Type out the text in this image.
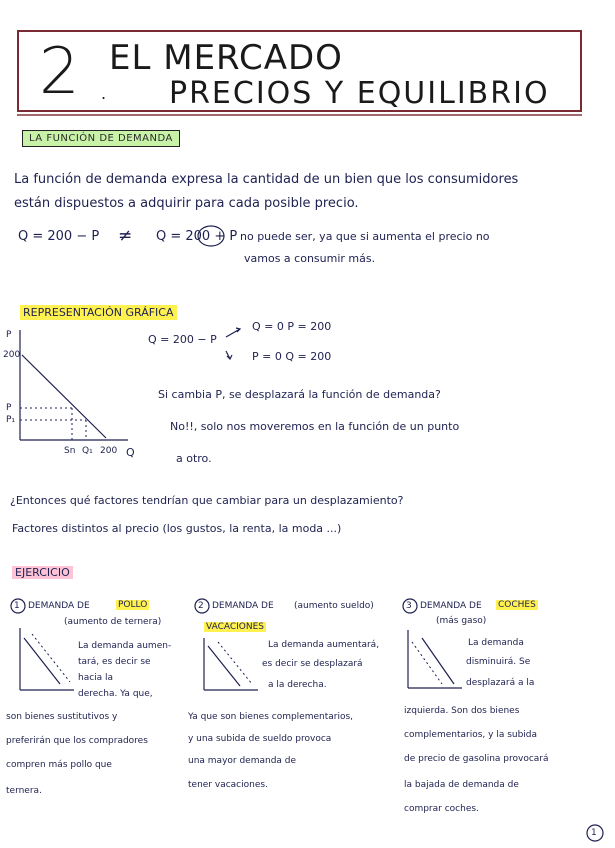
2 .
EL MERCADO
PRECIOS Y EQUILIBRIO
LA FUNCIÓN DE DEMANDA
La función de demanda expresa la cantidad de un bien que los consumidores
están dispuestos a adquirir para cada posible precio.
Q = 200 − P ≠ Q = 200 + P no puede ser, ya que si aumenta el precio no
vamos a consumir más.
REPRESENTACIÓN GRÁFICA
P
200
P
P₁
Sn Q₁ 200 Q
Q = 200 − P
Q = 0 P = 200
P = 0 Q = 200
Si cambia P, se desplazará la función de demanda?
No!!, solo nos moveremos en la función de un punto
a otro.
¿Entonces qué factores tendrían que cambiar para un desplazamiento?
Factores distintos al precio (los gustos, la renta, la moda ...)
EJERCICIO
1 DEMANDA DE	POLLO
(aumento de ternera)
La demanda aumen-
tará, es decir se
hacia la
derecha. Ya que,
son bienes sustitutivos y
preferirán que los compradores
compren más pollo que
ternera.
2 DEMANDA DE (aumento sueldo)
VACACIONES
La demanda aumentará,
es decir se desplazará
a la derecha.
Ya que son bienes complementarios,
y una subida de sueldo provoca
una mayor demanda de
tener vacaciones.
3 DEMANDA DE COCHES
(más gaso)
La demanda
disminuirá. Se
desplazará a la
izquierda. Son dos bienes
complementarios, y la subida
de precio de gasolina provocará
la bajada de demanda de
comprar coches.
1
